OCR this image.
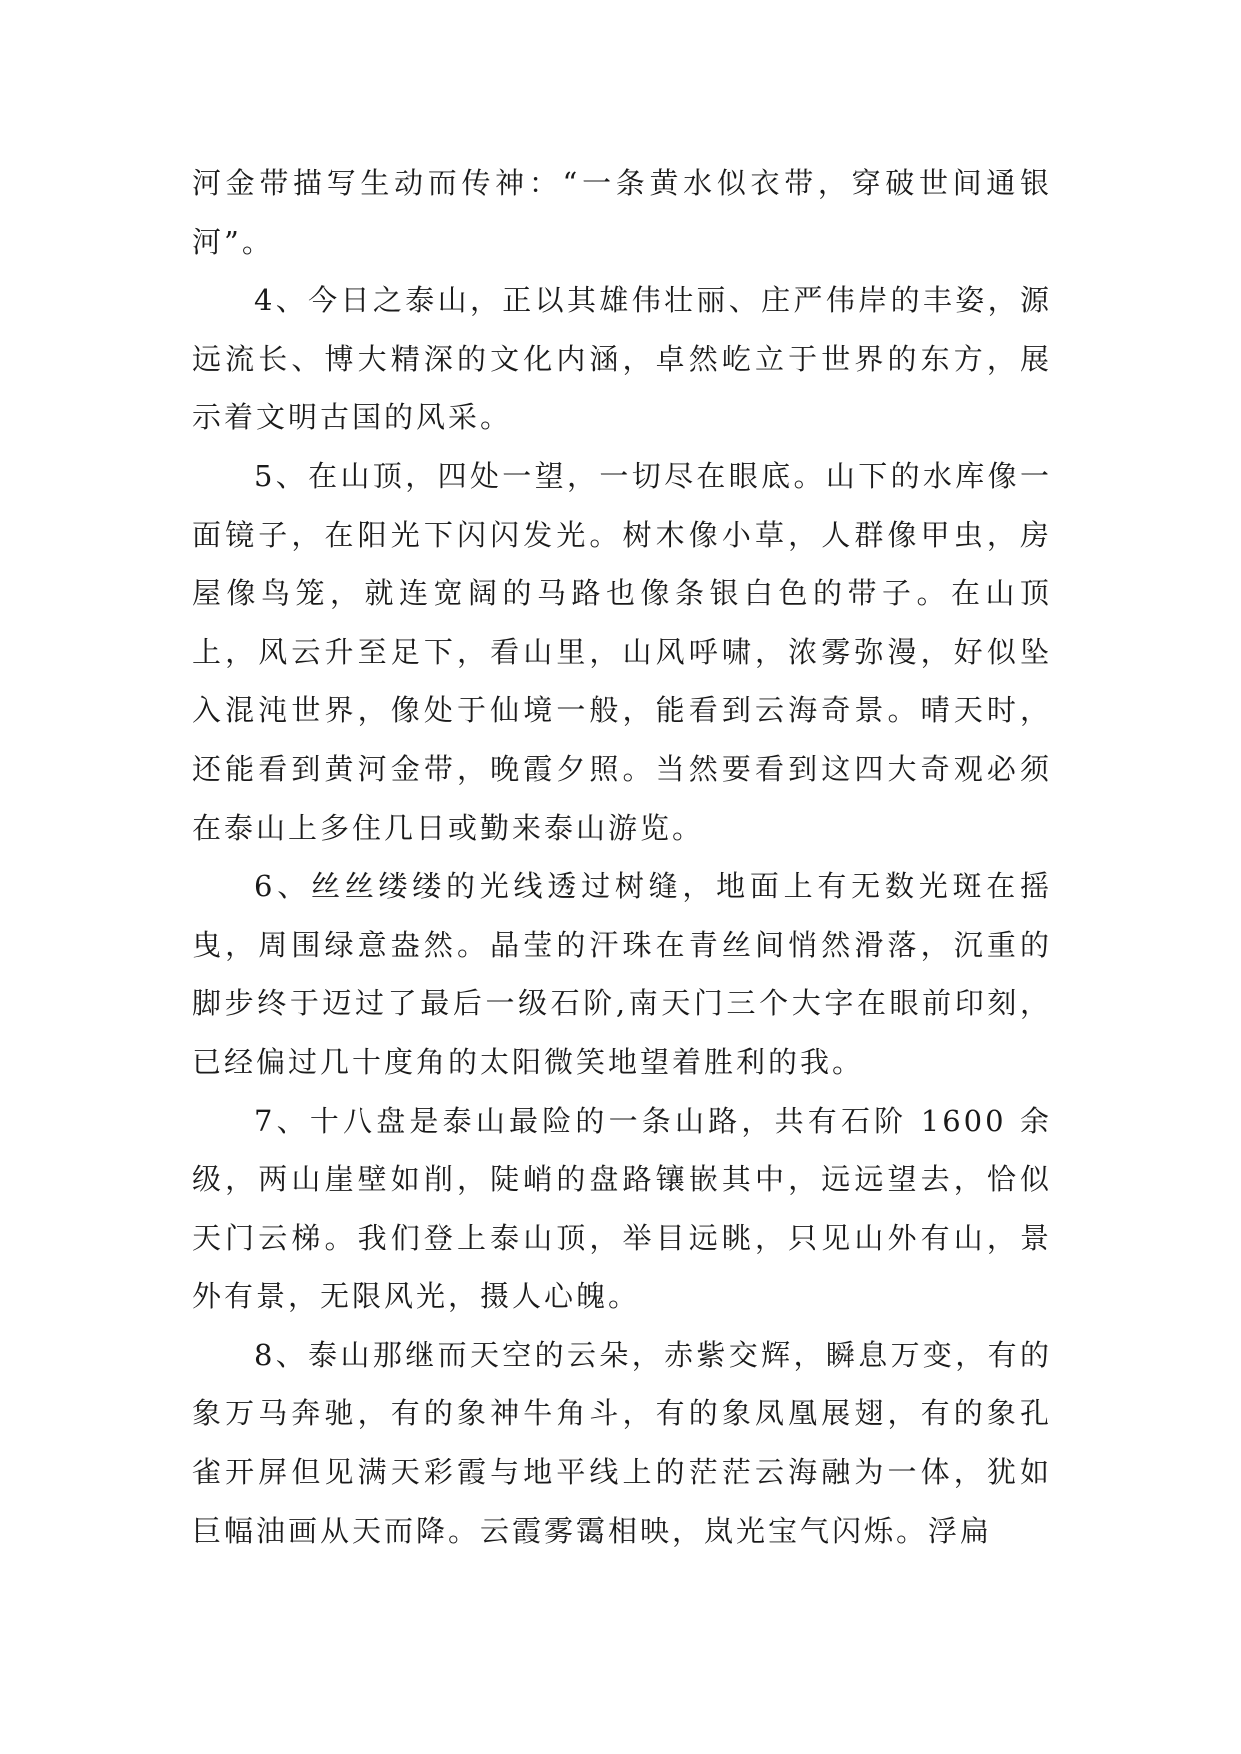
河金带描写生动而传神：“一条黄水似衣带，穿破世间通银河”。

4、今日之泰山，正以其雄伟壮丽、庄严伟岸的丰姿，源远流长、博大精深的文化内涵，卓然屹立于世界的东方，展示着文明古国的风采。

5、在山顶，四处一望，一切尽在眼底。山下的水库像一面镜子，在阳光下闪闪发光。树木像小草，人群像甲虫，房屋像鸟笼，就连宽阔的马路也像条银白色的带子。在山顶上，风云升至足下，看山里，山风呼啸，浓雾弥漫，好似坠入混沌世界，像处于仙境一般，能看到云海奇景。晴天时，还能看到黄河金带，晚霞夕照。当然要看到这四大奇观必须在泰山上多住几日或勤来泰山游览。

6、丝丝缕缕的光线透过树缝，地面上有无数光斑在摇曳，周围绿意盎然。晶莹的汗珠在青丝间悄然滑落，沉重的脚步终于迈过了最后一级石阶,南天门三个大字在眼前印刻，已经偏过几十度角的太阳微笑地望着胜利的我。

7、十八盘是泰山最险的一条山路，共有石阶 1600 余级，两山崖壁如削，陡峭的盘路镶嵌其中，远远望去，恰似天门云梯。我们登上泰山顶，举目远眺，只见山外有山，景外有景，无限风光，摄人心魄。

8、泰山那继而天空的云朵，赤紫交辉，瞬息万变，有的象万马奔驰，有的象神牛角斗，有的象凤凰展翅，有的象孔雀开屏但见满天彩霞与地平线上的茫茫云海融为一体，犹如巨幅油画从天而降。云霞雾霭相映，岚光宝气闪烁。浮扁
